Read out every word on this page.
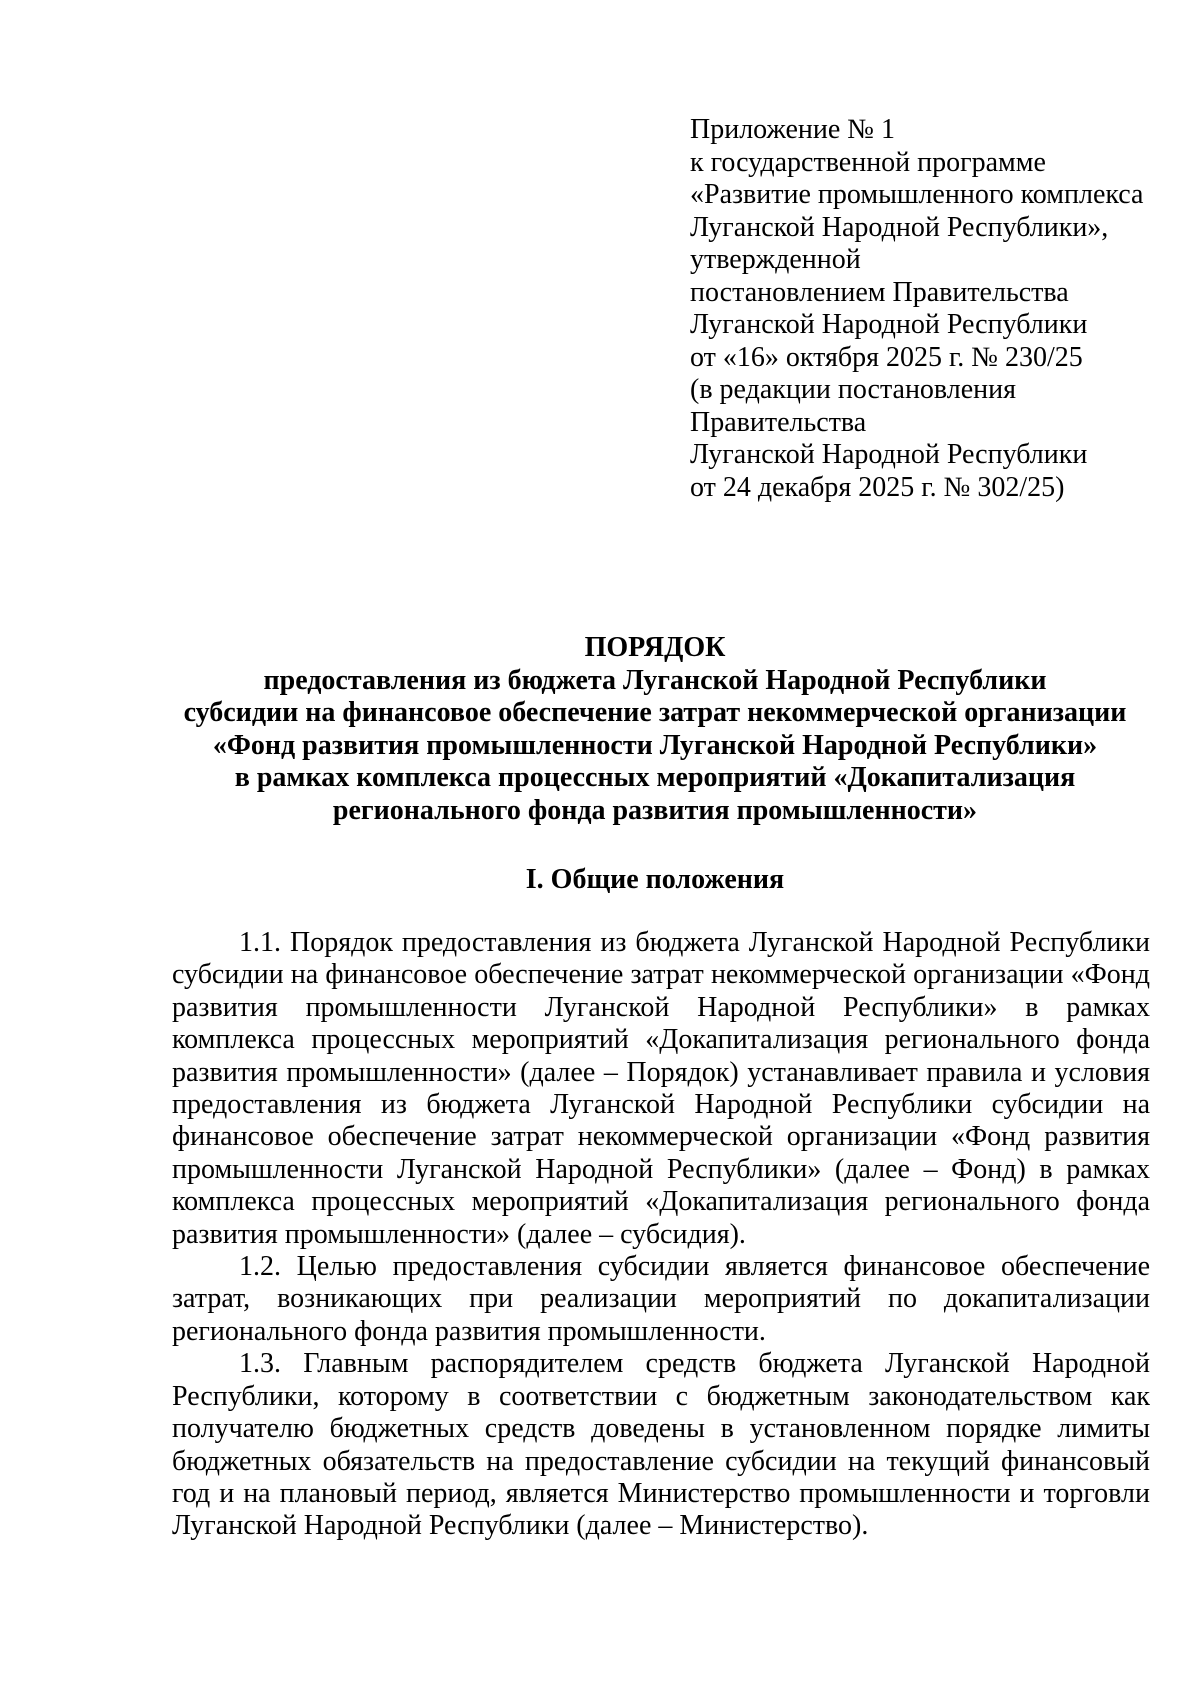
Приложение № 1
к государственной программе
«Развитие промышленного комплекса
Луганской Народной Республики»,
утвержденной
постановлением Правительства
Луганской Народной Республики
от «16» октября 2025 г. № 230/25
(в редакции постановления
Правительства
Луганской Народной Республики
от 24 декабря 2025 г. № 302/25)
ПОРЯДОК
предоставления из бюджета Луганской Народной Республики
субсидии на финансовое обеспечение затрат некоммерческой организации
«Фонд развития промышленности Луганской Народной Республики»
в рамках комплекса процессных мероприятий «Докапитализация
регионального фонда развития промышленности»
I. Общие положения

1.1. Порядок предоставления из бюджета Луганской Народной Республики субсидии на финансовое обеспечение затрат некоммерческой организации «Фонд развития промышленности Луганской Народной Республики» в рамках комплекса процессных мероприятий «Докапитализация регионального фонда развития промышленности» (далее – Порядок) устанавливает правила и условия предоставления из бюджета Луганской Народной Республики субсидии на финансовое обеспечение затрат некоммерческой организации «Фонд развития промышленности Луганской Народной Республики» (далее – Фонд) в рамках комплекса процессных мероприятий «Докапитализация регионального фонда развития промышленности» (далее – субсидия).

1.2. Целью предоставления субсидии является финансовое обеспечение затрат, возникающих при реализации мероприятий по докапитализации регионального фонда развития промышленности.

1.3. Главным распорядителем средств бюджета Луганской Народной Республики, которому в соответствии с бюджетным законодательством как получателю бюджетных средств доведены в установленном порядке лимиты бюджетных обязательств на предоставление субсидии на текущий финансовый год и на плановый период, является Министерство промышленности и торговли Луганской Народной Республики (далее – Министерство).
